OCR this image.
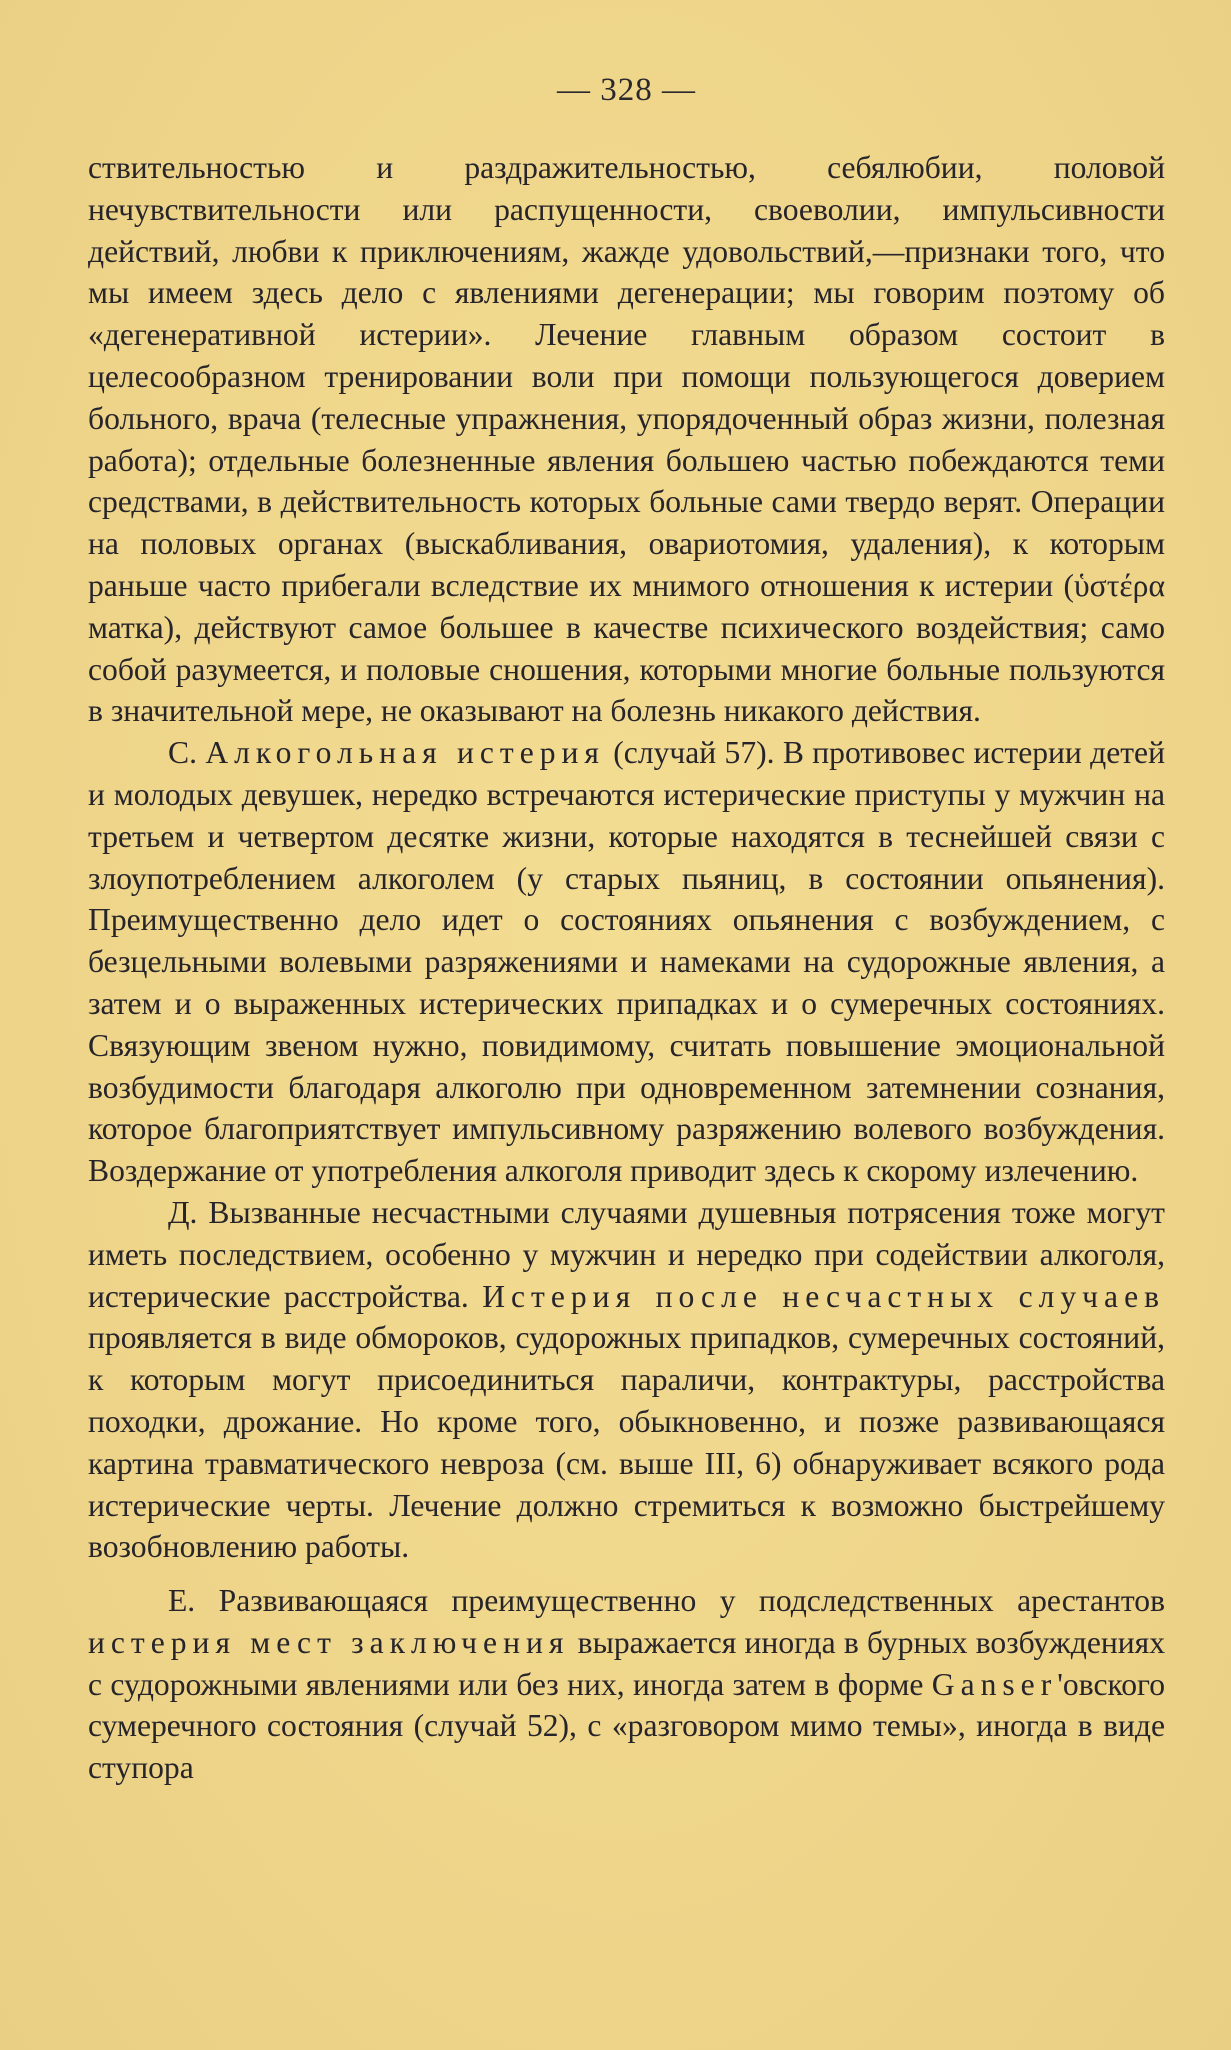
— 328 —

ствительностью и раздражительностью, себялюбии, половой нечувствительности или распущенности, своеволии, импульсивности действий, любви к приключениям, жажде удовольствий,—признаки того, что мы имеем здесь дело с явлениями дегенерации; мы говорим поэтому об «дегенеративной истерии». Лечение главным образом состоит в целесообразном тренировании воли при помощи пользующегося доверием больного, врача (телесные упражнения, упорядоченный образ жизни, полезная работа); отдельные болезненные явления большею частью побеждаются теми средствами, в действительность которых больные сами твердо верят. Операции на половых органах (выскабливания, овариотомия, удаления), к которым раньше часто прибегали вследствие их мнимого отношения к истерии (ὑστέρα матка), действуют самое большее в качестве психического воздействия; само собой разумеется, и половые сношения, которыми многие больные пользуются в значительной мере, не оказывают на болезнь никакого действия.

С. Алкогольная истерия (случай 57). В противовес истерии детей и молодых девушек, нередко встречаются истерические приступы у мужчин на третьем и четвертом десятке жизни, которые находятся в теснейшей связи с злоупотреблением алкоголем (у старых пьяниц, в состоянии опьянения). Преимущественно дело идет о состояниях опьянения с возбуждением, с безцельными волевыми разряжениями и намеками на судорожные явления, а затем и о выраженных истерических припадках и о сумеречных состояниях. Связующим звеном нужно, повидимому, считать повышение эмоциональной возбудимости благодаря алкоголю при одновременном затемнении сознания, которое благоприятствует импульсивному разряжению волевого возбуждения. Воздержание от употребления алкоголя приводит здесь к скорому излечению.

Д. Вызванные несчастными случаями душевныя потрясения тоже могут иметь последствием, особенно у мужчин и нередко при содействии алкоголя, истерические расстройства. Истерия после несчастных случаев проявляется в виде обмороков, судорожных припадков, сумеречных состояний, к которым могут присоединиться параличи, контрактуры, расстройства походки, дрожание. Но кроме того, обыкновенно, и позже развивающаяся картина травматического невроза (см. выше III, 6) обнаруживает всякого рода истерические черты. Лечение должно стремиться к возможно быстрейшему возобновлению работы.

Е. Развивающаяся преимущественно у подследственных арестантов истерия мест заключения выражается иногда в бурных возбуждениях с судорожными явлениями или без них, иногда затем в форме Ganser'овского сумеречного состояния (случай 52), с «разговором мимо темы», иногда в виде ступора
